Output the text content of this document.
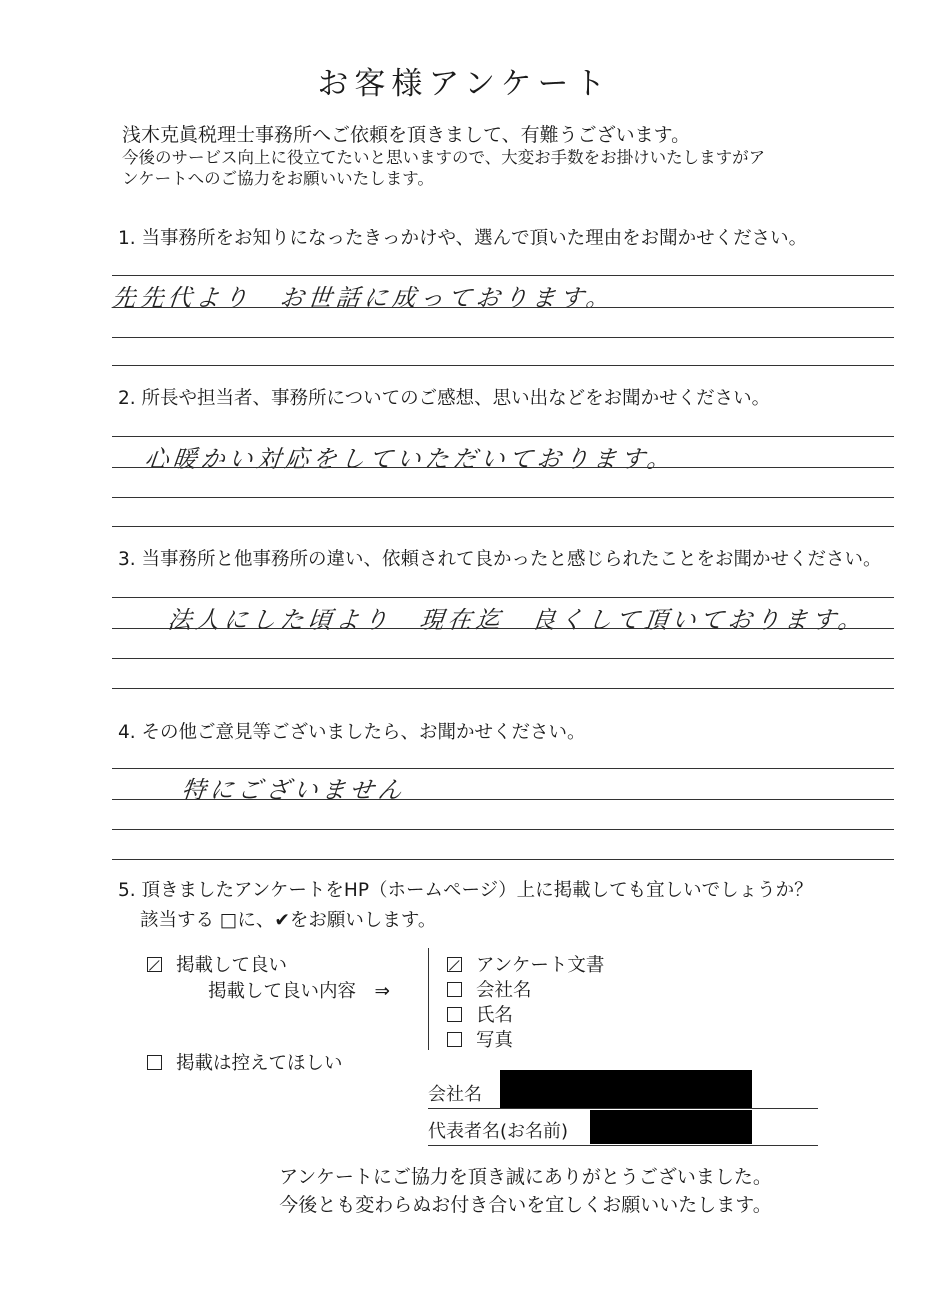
お客様アンケート
浅木克眞税理士事務所へご依頼を頂きまして、有難うございます。
今後のサービス向上に役立てたいと思いますので、大変お手数をお掛けいたしますがア
ンケートへのご協力をお願いいたします。
1. 当事務所をお知りになったきっかけや、選んで頂いた理由をお聞かせください。
先先代より　お世話に成っております。
2. 所長や担当者、事務所についてのご感想、思い出などをお聞かせください。
心暖かい対応をしていただいております。
3. 当事務所と他事務所の違い、依頼されて良かったと感じられたことをお聞かせください。
法人にした頃より　現在迄　良くして頂いております。
4. その他ご意見等ございましたら、お聞かせください。
特にございません
5. 頂きましたアンケートをHP（ホームページ）上に掲載しても宜しいでしょうか？
該当する □に、✔をお願いします。
掲載して良い
掲載して良い内容　⇒
アンケート文書
会社名
氏名
写真
掲載は控えてほしい
会社名
代表者名(お名前)
アンケートにご協力を頂き誠にありがとうございました。
今後とも変わらぬお付き合いを宜しくお願いいたします。
